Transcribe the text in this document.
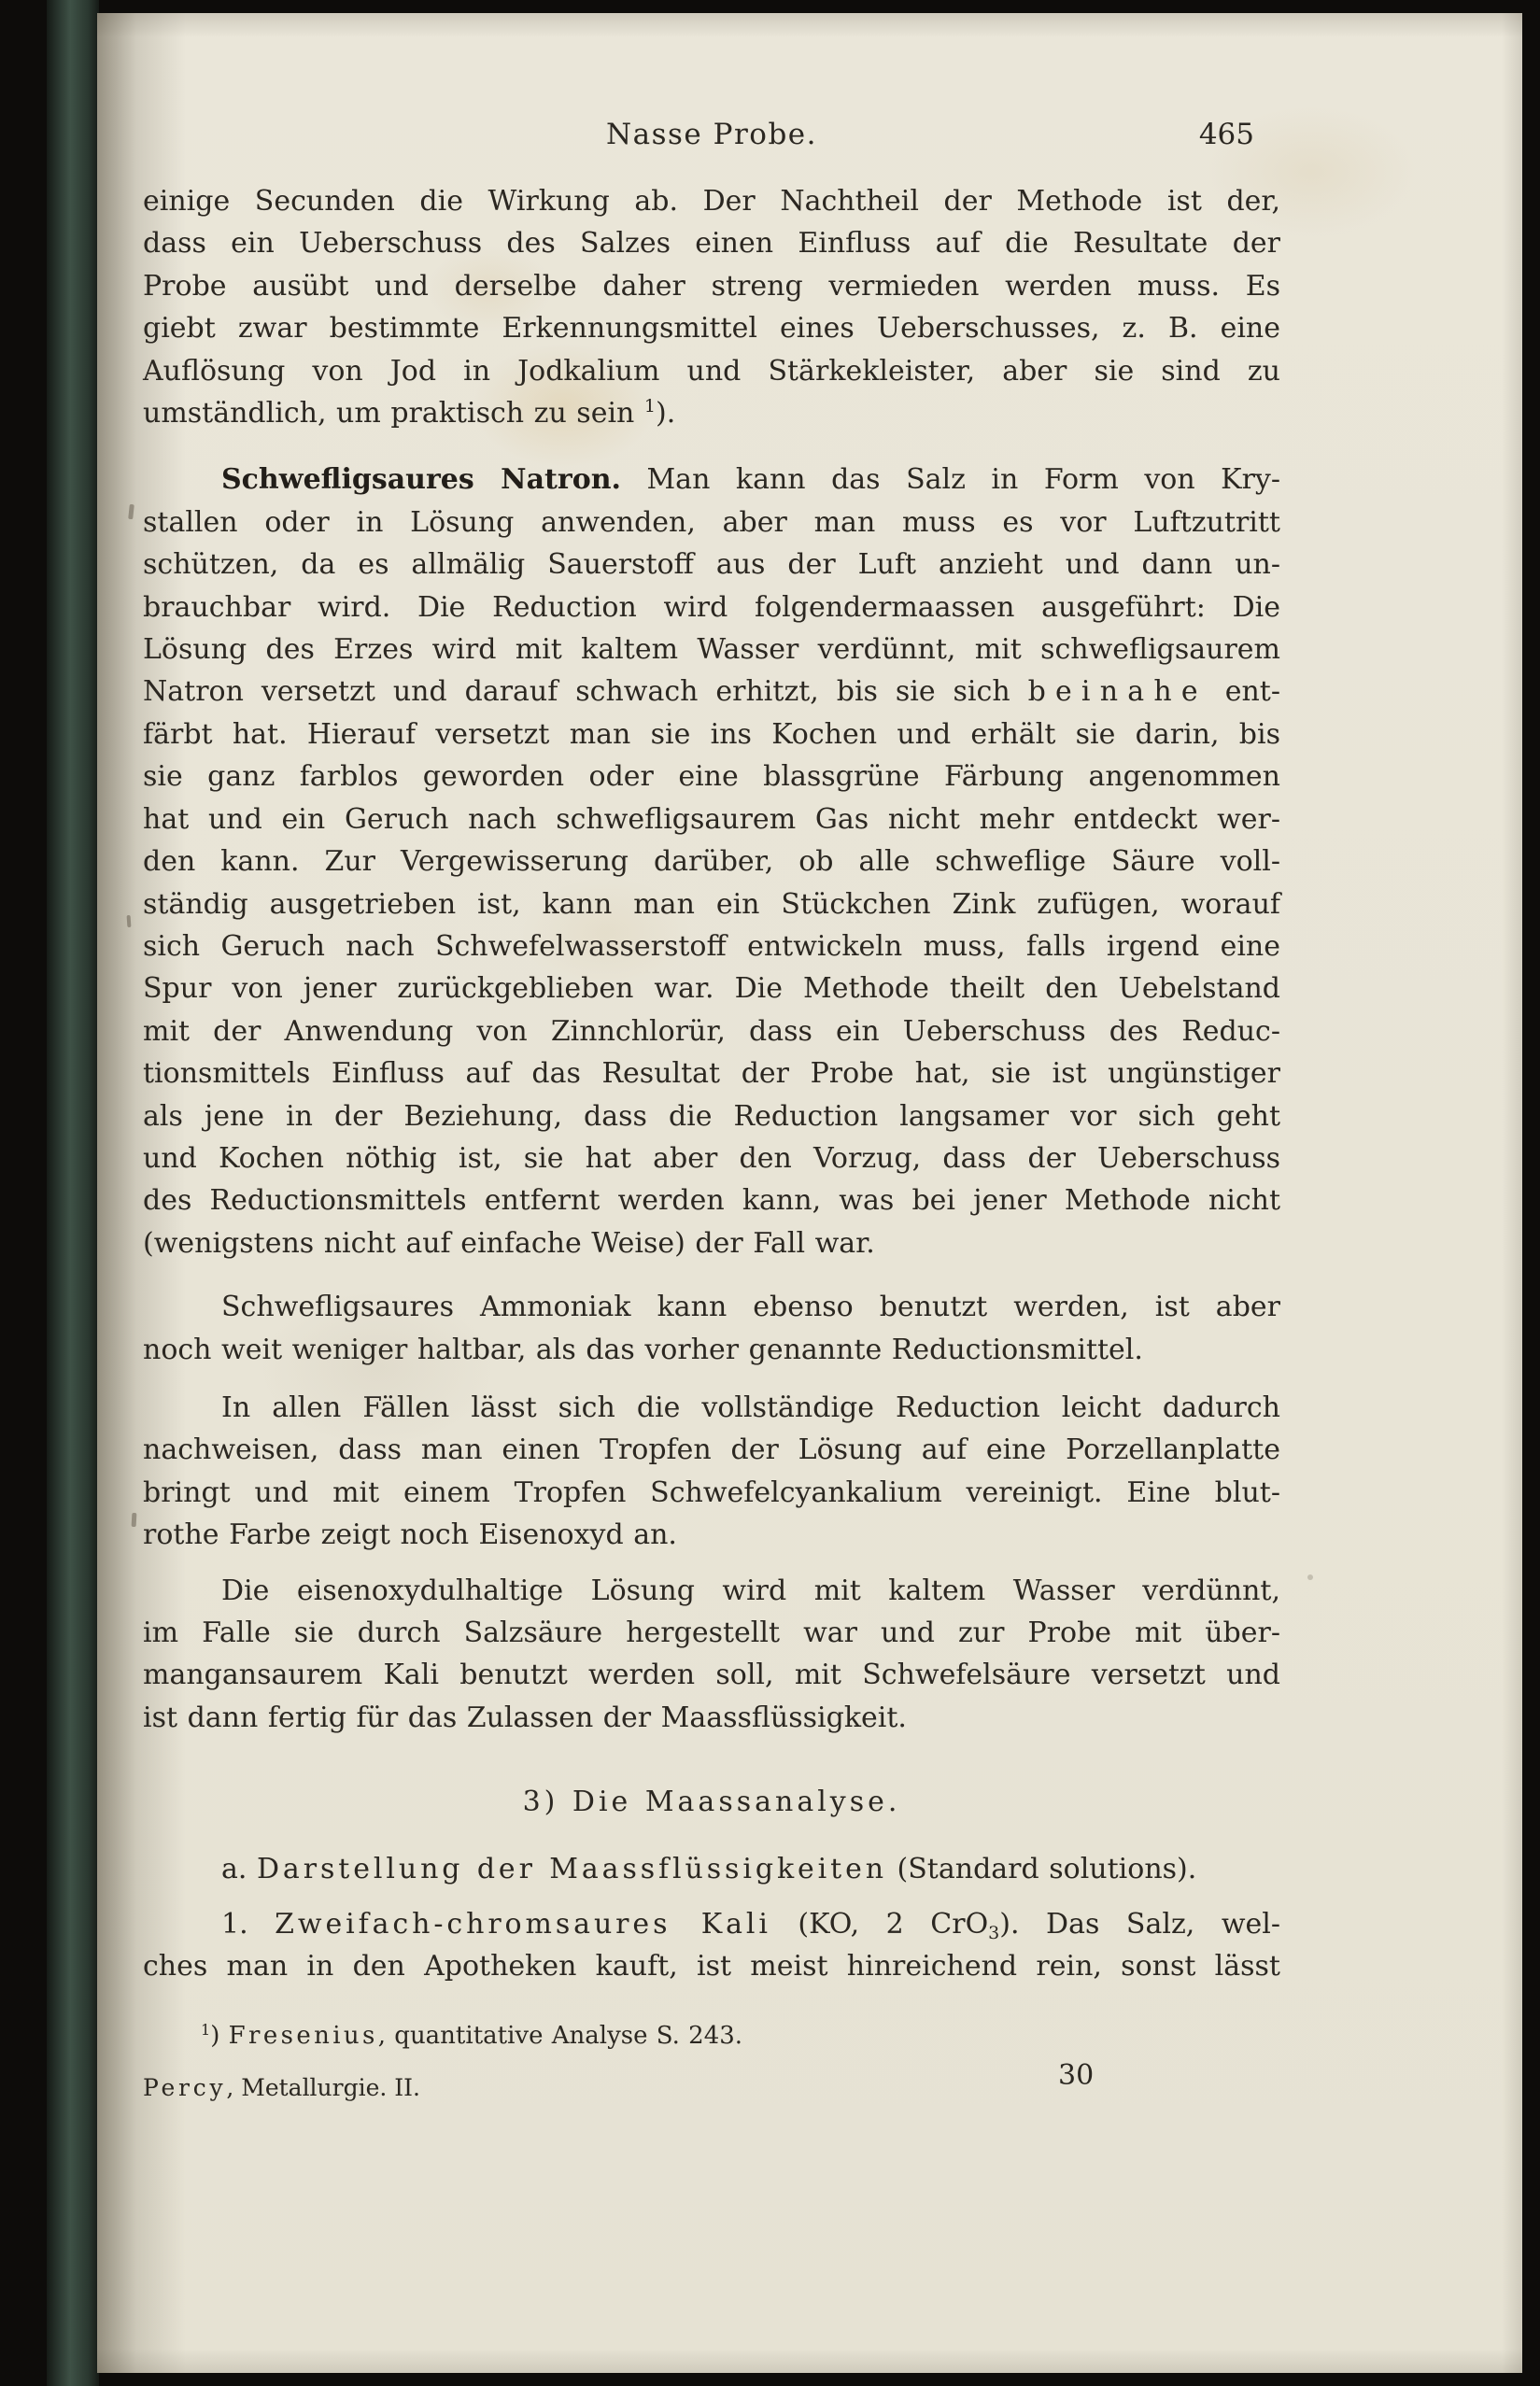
Nasse Probe.	465
einige Secunden die Wirkung ab. Der Nachtheil der Methode ist der,
dass ein Ueberschuss des Salzes einen Einfluss auf die Resultate der
Probe ausübt und derselbe daher streng vermieden werden muss. Es
giebt zwar bestimmte Erkennungsmittel eines Ueberschusses, z. B. eine
Auflösung von Jod in Jodkalium und Stärkekleister, aber sie sind zu
umständlich, um praktisch zu sein $^1$).
Schwefligsaures Natron. Man kann das Salz in Form von Kry-
stallen oder in Lösung anwenden, aber man muss es vor Luftzutritt
schützen, da es allmälig Sauerstoff aus der Luft anzieht und dann un-
brauchbar wird. Die Reduction wird folgendermaassen ausgeführt: Die
Lösung des Erzes wird mit kaltem Wasser verdünnt, mit schwefligsaurem
Natron versetzt und darauf schwach erhitzt, bis sie sich beinahe ent-
färbt hat. Hierauf versetzt man sie ins Kochen und erhält sie darin, bis
sie ganz farblos geworden oder eine blassgrüne Färbung angenommen
hat und ein Geruch nach schwefligsaurem Gas nicht mehr entdeckt wer-
den kann. Zur Vergewisserung darüber, ob alle schweflige Säure voll-
ständig ausgetrieben ist, kann man ein Stückchen Zink zufügen, worauf
sich Geruch nach Schwefelwasserstoff entwickeln muss, falls irgend eine
Spur von jener zurückgeblieben war. Die Methode theilt den Uebelstand
mit der Anwendung von Zinnchlorür, dass ein Ueberschuss des Reduc-
tionsmittels Einfluss auf das Resultat der Probe hat, sie ist ungünstiger
als jene in der Beziehung, dass die Reduction langsamer vor sich geht
und Kochen nöthig ist, sie hat aber den Vorzug, dass der Ueberschuss
des Reductionsmittels entfernt werden kann, was bei jener Methode nicht
(wenigstens nicht auf einfache Weise) der Fall war.
Schwefligsaures Ammoniak kann ebenso benutzt werden, ist aber
noch weit weniger haltbar, als das vorher genannte Reductionsmittel.
In allen Fällen lässt sich die vollständige Reduction leicht dadurch
nachweisen, dass man einen Tropfen der Lösung auf eine Porzellanplatte
bringt und mit einem Tropfen Schwefelcyankalium vereinigt. Eine blut-
rothe Farbe zeigt noch Eisenoxyd an.
Die eisenoxydulhaltige Lösung wird mit kaltem Wasser verdünnt,
im Falle sie durch Salzsäure hergestellt war und zur Probe mit über-
mangansaurem Kali benutzt werden soll, mit Schwefelsäure versetzt und
ist dann fertig für das Zulassen der Maassflüssigkeit.
3) Die Maassanalyse.
a. Darstellung der Maassflüssigkeiten (Standard solutions).
1. Zweifach-chromsaures Kali (KO, 2 CrO$_3$). Das Salz, wel-
ches man in den Apotheken kauft, ist meist hinreichend rein, sonst lässt
$^1$) Fresenius, quantitative Analyse S. 243.
Percy, Metallurgie. II.	30
